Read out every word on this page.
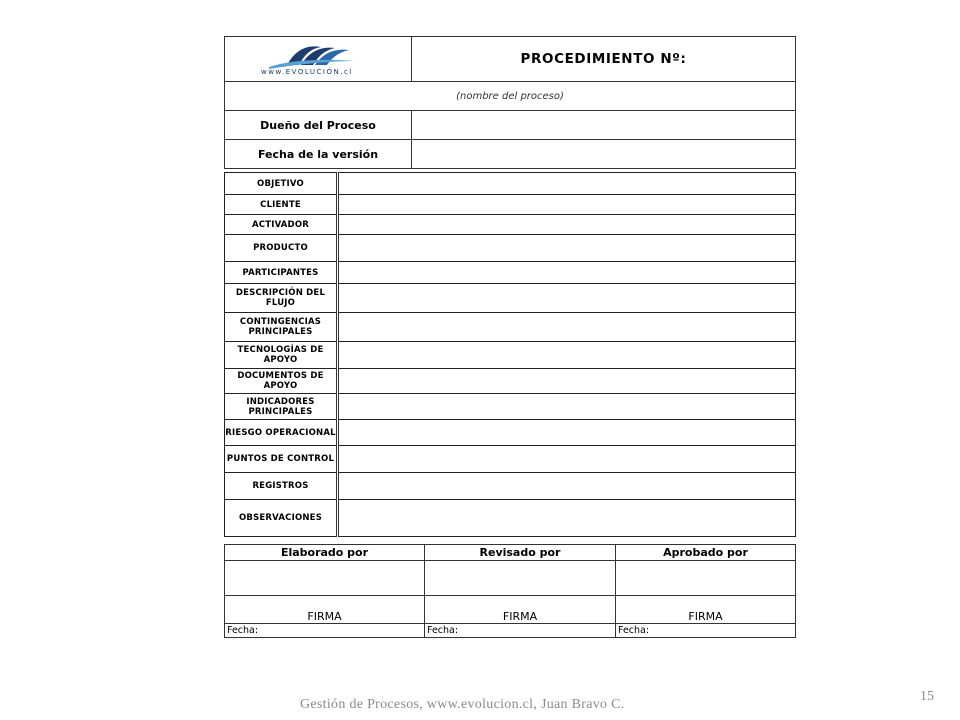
www.EVOLUCIÓN.cl	PROCEDIMIENTO Nº:
(nombre del proceso)	
Dueño del Proceso	
Fecha de la versión	
OBJETIVO	
CLIENTE	
ACTIVADOR	
PRODUCTO	
PARTICIPANTES	
DESCRIPCIÓN DEL FLUJO	
CONTINGENCIAS PRINCIPALES	
TECNOLOGÍAS DE APOYO	
DOCUMENTOS DE APOYO	
INDICADORES PRINCIPALES	
RIESGO OPERACIONAL	
PUNTOS DE CONTROL	
REGISTROS	
OBSERVACIONES	
Elaborado por	Revisado por	Aprobado por

FIRMA	FIRMA	FIRMA
Fecha:	Fecha:	Fecha:
Gestión de Procesos, www.evolucion.cl, Juan Bravo C.
15
